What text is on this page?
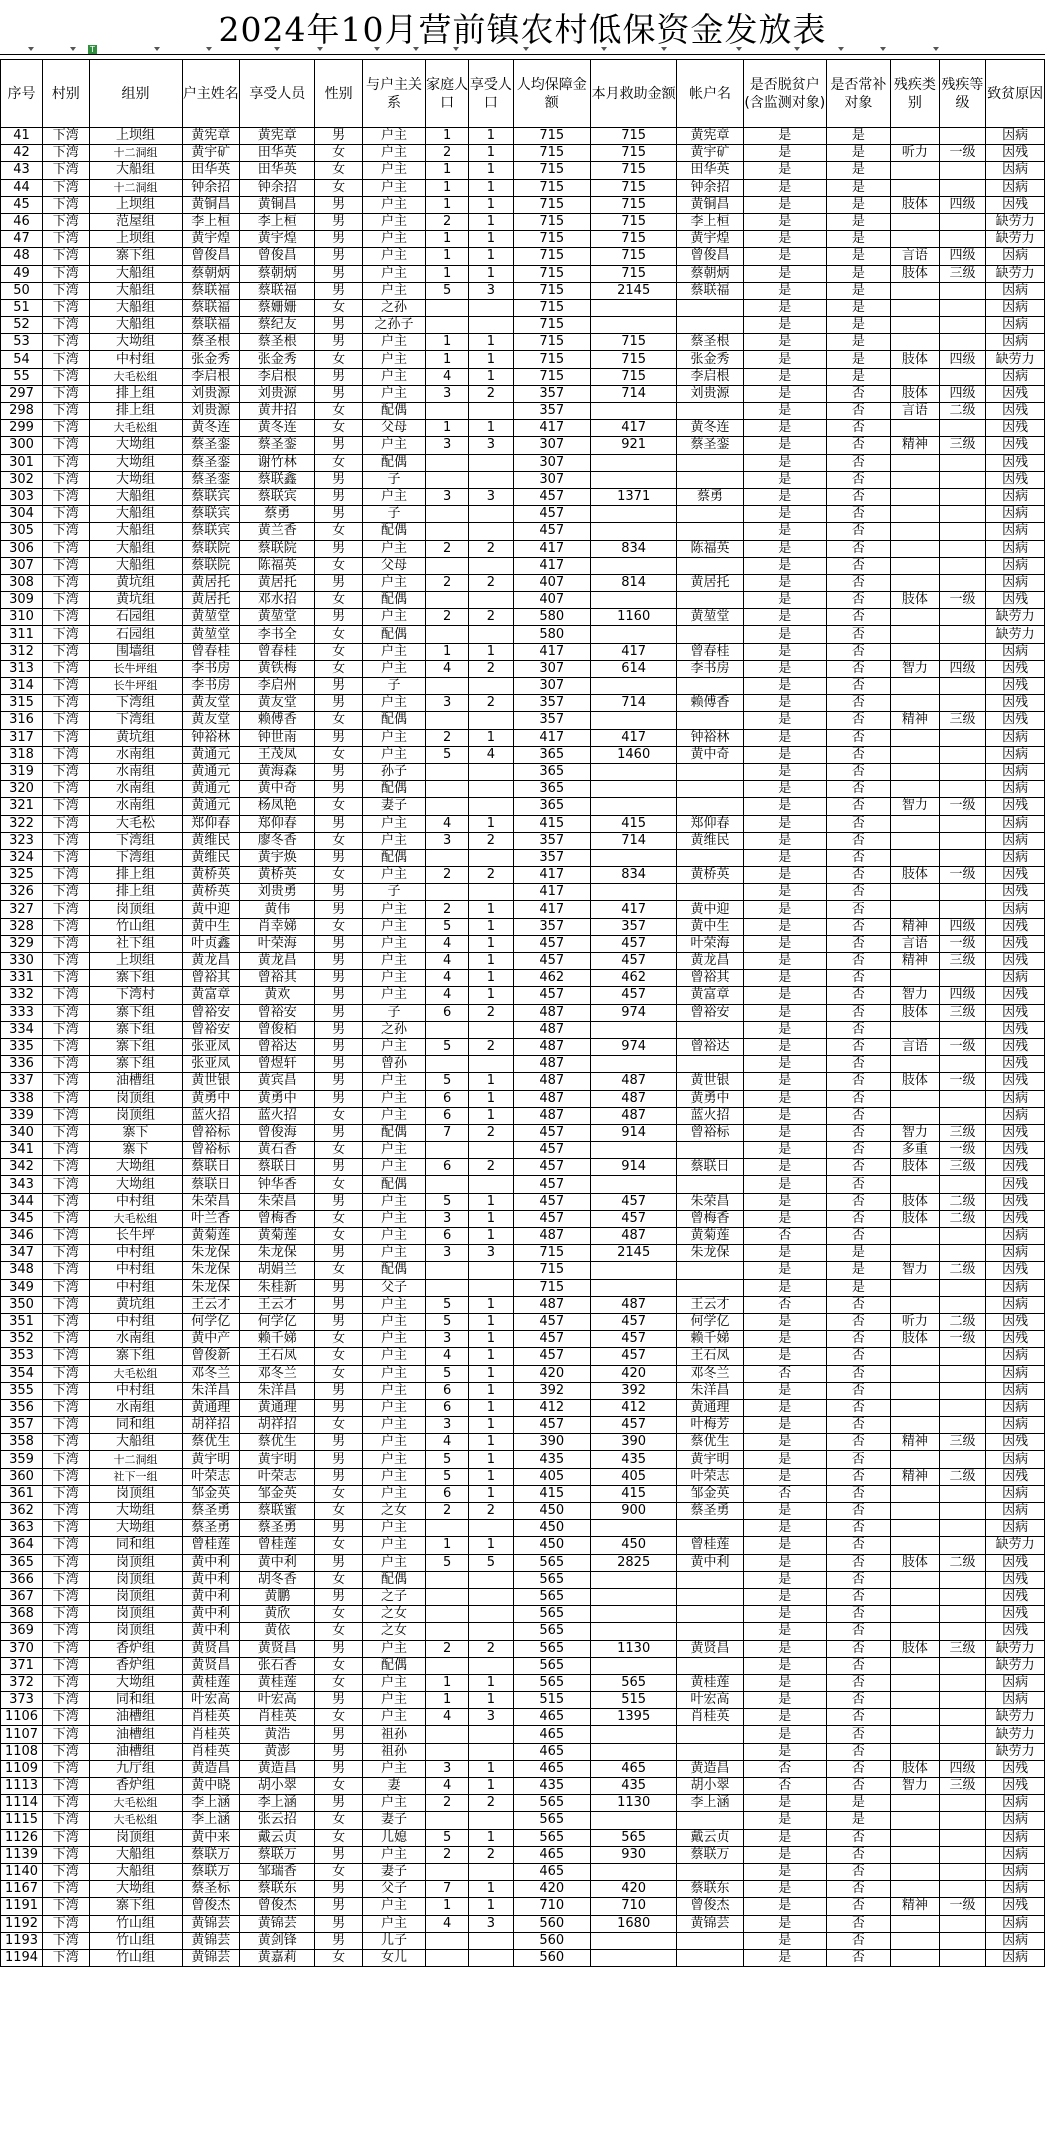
2024年10月营前镇农村低保资金发放表
T
序号	村别	组别	户主姓名	享受人员	性别	与户主关系	家庭人口	享受人口	人均保障金额	本月救助金额	帐户名	是否脱贫户(含监测对象)	是否常补对象	残疾类别	残疾等级	致贫原因
41	下湾	上坝组	黄宪章	黄宪章	男	户主	1	1	715	715	黄宪章	是	是			因病
42	下湾	十二洞组	黄宇矿	田华英	女	户主	2	1	715	715	黄宇矿	是	是	听力	一级	因残
43	下湾	大船组	田华英	田华英	女	户主	1	1	715	715	田华英	是	是			因病
44	下湾	十二洞组	钟余招	钟余招	女	户主	1	1	715	715	钟余招	是	是			因病
45	下湾	上坝组	黄铜昌	黄铜昌	男	户主	1	1	715	715	黄铜昌	是	是	肢体	四级	因残
46	下湾	范屋组	李上桓	李上桓	男	户主	2	1	715	715	李上桓	是	是			缺劳力
47	下湾	上坝组	黄宇煌	黄宇煌	男	户主	1	1	715	715	黄宇煌	是	是			缺劳力
48	下湾	寨下组	曾俊昌	曾俊昌	男	户主	1	1	715	715	曾俊昌	是	是	言语	四级	因病
49	下湾	大船组	蔡朝炳	蔡朝炳	男	户主	1	1	715	715	蔡朝炳	是	是	肢体	三级	缺劳力
50	下湾	大船组	蔡联福	蔡联福	男	户主	5	3	715	2145	蔡联福	是	是			因病
51	下湾	大船组	蔡联福	蔡姗姗	女	之孙			715			是	是			因病
52	下湾	大船组	蔡联福	蔡纪友	男	之孙子			715			是	是			因病
53	下湾	大坳组	蔡圣根	蔡圣根	男	户主	1	1	715	715	蔡圣根	是	是			因病
54	下湾	中村组	张金秀	张金秀	女	户主	1	1	715	715	张金秀	是	是	肢体	四级	缺劳力
55	下湾	大毛松组	李启根	李启根	男	户主	4	1	715	715	李启根	是	是			因病
297	下湾	排上组	刘贵源	刘贵源	男	户主	3	2	357	714	刘贵源	是	否	肢体	四级	因残
298	下湾	排上组	刘贵源	黄井招	女	配偶			357			是	否	言语	二级	因残
299	下湾	大毛松组	黄冬连	黄冬连	女	父母	1	1	417	417	黄冬连	是	否			因残
300	下湾	大坳组	蔡圣銮	蔡圣銮	男	户主	3	3	307	921	蔡圣銮	是	否	精神	三级	因残
301	下湾	大坳组	蔡圣銮	谢竹林	女	配偶			307			是	否			因残
302	下湾	大坳组	蔡圣銮	蔡联鑫	男	子			307			是	否			因残
303	下湾	大船组	蔡联宾	蔡联宾	男	户主	3	3	457	1371	蔡勇	是	否			因病
304	下湾	大船组	蔡联宾	蔡勇	男	子			457			是	否			因病
305	下湾	大船组	蔡联宾	黄兰香	女	配偶			457			是	否			因病
306	下湾	大船组	蔡联院	蔡联院	男	户主	2	2	417	834	陈福英	是	否			因病
307	下湾	大船组	蔡联院	陈福英	女	父母			417			是	否			因病
308	下湾	黄坑组	黄居托	黄居托	男	户主	2	2	407	814	黄居托	是	否			因病
309	下湾	黄坑组	黄居托	邓水招	女	配偶			407			是	否	肢体	一级	因残
310	下湾	石园组	黄堃堂	黄堃堂	男	户主	2	2	580	1160	黄堃堂	是	否			缺劳力
311	下湾	石园组	黄堃堂	李书全	女	配偶			580			是	否			缺劳力
312	下湾	围墙组	曾春桂	曾春桂	女	户主	1	1	417	417	曾春桂	是	否			因病
313	下湾	长牛坪组	李书房	黄铁梅	女	户主	4	2	307	614	李书房	是	否	智力	四级	因残
314	下湾	长牛坪组	李书房	李启州	男	子			307			是	否			因残
315	下湾	下湾组	黄友堂	黄友堂	男	户主	3	2	357	714	赖傅香	是	否			因残
316	下湾	下湾组	黄友堂	赖傅香	女	配偶			357			是	否	精神	三级	因残
317	下湾	黄坑组	钟裕林	钟世南	男	户主	2	1	417	417	钟裕林	是	否			因病
318	下湾	水南组	黄通元	王茂凤	女	户主	5	4	365	1460	黄中奇	是	否			因病
319	下湾	水南组	黄通元	黄海森	男	孙子			365			是	否			因病
320	下湾	水南组	黄通元	黄中奇	男	配偶			365			是	否			因病
321	下湾	水南组	黄通元	杨凤艳	女	妻子			365			是	否	智力	一级	因残
322	下湾	大毛松	郑仰春	郑仰春	男	户主	4	1	415	415	郑仰春	是	否			因病
323	下湾	下湾组	黄维民	廖冬香	女	户主	3	2	357	714	黄维民	是	否			因病
324	下湾	下湾组	黄维民	黄宇焕	男	配偶			357			是	否			因病
325	下湾	排上组	黄桥英	黄桥英	女	户主	2	2	417	834	黄桥英	是	否	肢体	一级	因残
326	下湾	排上组	黄桥英	刘贵勇	男	子			417			是	否			因残
327	下湾	岗顶组	黄中迎	黄伟	男	户主	2	1	417	417	黄中迎	是	否			因病
328	下湾	竹山组	黄中生	肖幸娣	女	户主	5	1	357	357	黄中生	是	否	精神	四级	因残
329	下湾	社下组	叶贞鑫	叶荣海	男	户主	4	1	457	457	叶荣海	是	否	言语	一级	因残
330	下湾	上坝组	黄龙昌	黄龙昌	男	户主	4	1	457	457	黄龙昌	是	否	精神	三级	因残
331	下湾	寨下组	曾裕其	曾裕其	男	户主	4	1	462	462	曾裕其	是	否			因病
332	下湾	下湾村	黄富章	黄欢	男	户主	4	1	457	457	黄富章	是	否	智力	四级	因残
333	下湾	寨下组	曾裕安	曾裕安	男	子	6	2	487	974	曾裕安	是	否	肢体	三级	因残
334	下湾	寨下组	曾裕安	曾俊栢	男	之孙			487			是	否			因残
335	下湾	寨下组	张亚凤	曾裕达	男	户主	5	2	487	974	曾裕达	是	否	言语	一级	因残
336	下湾	寨下组	张亚凤	曾煜轩	男	曾孙			487			是	否			因残
337	下湾	油槽组	黄世银	黄宾昌	男	户主	5	1	487	487	黄世银	是	否	肢体	一级	因残
338	下湾	岗顶组	黄勇中	黄勇中	男	户主	6	1	487	487	黄勇中	是	否			因病
339	下湾	岗顶组	蓝火招	蓝火招	女	户主	6	1	487	487	蓝火招	是	否			因病
340	下湾	寨下	曾裕标	曾俊海	男	配偶	7	2	457	914	曾裕标	是	否	智力	三级	因残
341	下湾	寨下	曾裕标	黄石香	女	户主			457			是	否	多重	一级	因残
342	下湾	大坳组	蔡联日	蔡联日	男	户主	6	2	457	914	蔡联日	是	否	肢体	三级	因残
343	下湾	大坳组	蔡联日	钟华香	女	配偶			457			是	否			因残
344	下湾	中村组	朱荣昌	朱荣昌	男	户主	5	1	457	457	朱荣昌	是	否	肢体	二级	因残
345	下湾	大毛松组	叶兰香	曾梅香	女	户主	3	1	457	457	曾梅香	是	否	肢体	二级	因残
346	下湾	长牛坪	黄菊莲	黄菊莲	女	户主	6	1	487	487	黄菊莲	否	否			因病
347	下湾	中村组	朱龙保	朱龙保	男	户主	3	3	715	2145	朱龙保	是	是			因病
348	下湾	中村组	朱龙保	胡娟兰	女	配偶			715			是	是	智力	二级	因残
349	下湾	中村组	朱龙保	朱桂新	男	父子			715			是	是			因病
350	下湾	黄坑组	王云才	王云才	男	户主	5	1	487	487	王云才	否	否			因病
351	下湾	中村组	何学亿	何学亿	男	户主	5	1	457	457	何学亿	是	否	听力	二级	因残
352	下湾	水南组	黄中产	赖千娣	女	户主	3	1	457	457	赖千娣	是	否	肢体	一级	因残
353	下湾	寨下组	曾俊新	王石凤	女	户主	4	1	457	457	王石凤	是	否			因病
354	下湾	大毛松组	邓冬兰	邓冬兰	女	户主	5	1	420	420	邓冬兰	否	否			因病
355	下湾	中村组	朱洋昌	朱洋昌	男	户主	6	1	392	392	朱洋昌	是	否			因病
356	下湾	水南组	黄通理	黄通理	男	户主	6	1	412	412	黄通理	是	否			因病
357	下湾	同和组	胡祥招	胡祥招	女	户主	3	1	457	457	叶梅芳	是	否			因病
358	下湾	大船组	蔡优生	蔡优生	男	户主	4	1	390	390	蔡优生	是	否	精神	三级	因残
359	下湾	十二洞组	黄宇明	黄宇明	男	户主	5	1	435	435	黄宇明	是	否			因病
360	下湾	社下一组	叶荣志	叶荣志	男	户主	5	1	405	405	叶荣志	是	否	精神	二级	因残
361	下湾	岗顶组	邹金英	邹金英	女	户主	6	1	415	415	邹金英	否	否			因病
362	下湾	大坳组	蔡圣勇	蔡联蜜	女	之女	2	2	450	900	蔡圣勇	是	否			因病
363	下湾	大坳组	蔡圣勇	蔡圣勇	男	户主			450			是	否			因病
364	下湾	同和组	曾桂莲	曾桂莲	女	户主	1	1	450	450	曾桂莲	是	否			缺劳力
365	下湾	岗顶组	黄中利	黄中利	男	户主	5	5	565	2825	黄中利	是	否	肢体	二级	因残
366	下湾	岗顶组	黄中利	胡冬香	女	配偶			565			是	否			因残
367	下湾	岗顶组	黄中利	黄鹏	男	之子			565			是	否			因残
368	下湾	岗顶组	黄中利	黄欣	女	之女			565			是	否			因残
369	下湾	岗顶组	黄中利	黄依	女	之女			565			是	否			因残
370	下湾	香炉组	黄贤昌	黄贤昌	男	户主	2	2	565	1130	黄贤昌	是	否	肢体	三级	缺劳力
371	下湾	香炉组	黄贤昌	张石香	女	配偶			565			是	否			缺劳力
372	下湾	大坳组	黄桂莲	黄桂莲	女	户主	1	1	565	565	黄桂莲	是	否			因病
373	下湾	同和组	叶宏高	叶宏高	男	户主	1	1	515	515	叶宏高	是	否			因病
1106	下湾	油槽组	肖桂英	肖桂英	女	户主	4	3	465	1395	肖桂英	是	否			缺劳力
1107	下湾	油槽组	肖桂英	黄浩	男	祖孙			465			是	否			缺劳力
1108	下湾	油槽组	肖桂英	黄澎	男	祖孙			465			是	否			缺劳力
1109	下湾	九厅组	黄造昌	黄造昌	男	户主	3	1	465	465	黄造昌	否	否	肢体	四级	因残
1113	下湾	香炉组	黄中晓	胡小翠	女	妻	4	1	435	435	胡小翠	否	否	智力	三级	因残
1114	下湾	大毛松组	李上涵	李上涵	男	户主	2	2	565	1130	李上涵	是	是			因病
1115	下湾	大毛松组	李上涵	张云招	女	妻子			565			是	是			因病
1126	下湾	岗顶组	黄中来	戴云贞	女	儿媳	5	1	565	565	戴云贞	是	否			因病
1139	下湾	大船组	蔡联万	蔡联万	男	户主	2	2	465	930	蔡联万	是	否			因病
1140	下湾	大船组	蔡联万	邹瑞香	女	妻子			465			是	否			因病
1167	下湾	大坳组	蔡圣标	蔡联东	男	父子	7	1	420	420	蔡联东	是	否			因病
1191	下湾	寨下组	曾俊杰	曾俊杰	男	户主	1	1	710	710	曾俊杰	是	否	精神	一级	因残
1192	下湾	竹山组	黄锦芸	黄锦芸	男	户主	4	3	560	1680	黄锦芸	是	否			因病
1193	下湾	竹山组	黄锦芸	黄剑锋	男	儿子			560			是	否			因病
1194	下湾	竹山组	黄锦芸	黄嘉莉	女	女儿			560			是	否			因病
